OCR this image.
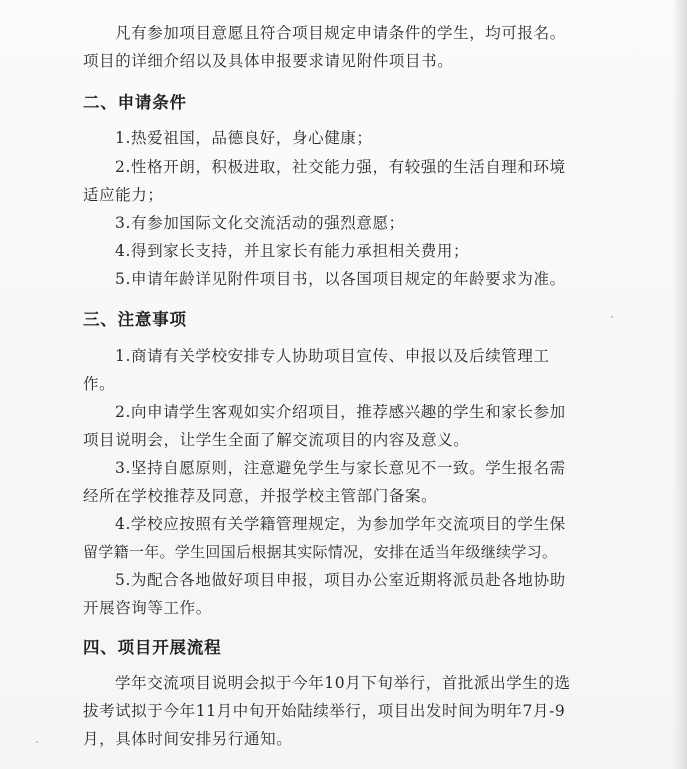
凡有参加项目意愿且符合项目规定申请条件的学生，均可报名。
项目的详细介绍以及具体申报要求请见附件项目书。
二、申请条件
1.热爱祖国，品德良好，身心健康；
2.性格开朗，积极进取，社交能力强，有较强的生活自理和环境
适应能力；
3.有参加国际文化交流活动的强烈意愿；
4.得到家长支持，并且家长有能力承担相关费用；
5.申请年龄详见附件项目书，以各国项目规定的年龄要求为准。
三、注意事项
1.商请有关学校安排专人协助项目宣传、申报以及后续管理工
作。
2.向申请学生客观如实介绍项目，推荐感兴趣的学生和家长参加
项目说明会，让学生全面了解交流项目的内容及意义。
3.坚持自愿原则，注意避免学生与家长意见不一致。学生报名需
经所在学校推荐及同意，并报学校主管部门备案。
4.学校应按照有关学籍管理规定，为参加学年交流项目的学生保
留学籍一年。学生回国后根据其实际情况，安排在适当年级继续学习。
5.为配合各地做好项目申报，项目办公室近期将派员赴各地协助
开展咨询等工作。
四、项目开展流程
学年交流项目说明会拟于今年10月下旬举行，首批派出学生的选
拔考试拟于今年11月中旬开始陆续举行，项目出发时间为明年7月-9
月，具体时间安排另行通知。
